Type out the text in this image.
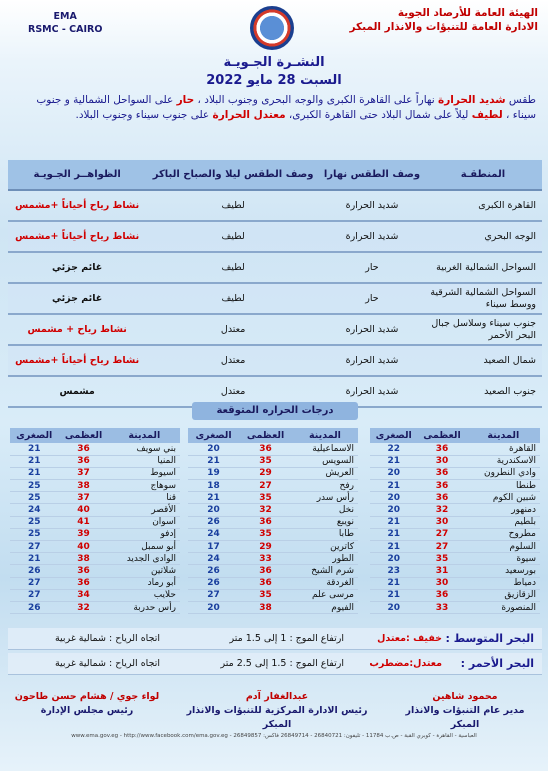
الهيئة العامة للأرصاد الجوية
الادارة العامة للتنبؤات والانذار المبكر
EMA
RSMC - CAIRO
النشـرة الجـويـة
السبت 28 مايو 2022
طقس شديد الحرارة نهاراً على القاهرة الكبرى والوجه البحرى وجنوب البلاد ، حار على السواحل الشمالية و جنوب سيناء ، لطيف ليلاً على شمال البلاد حتى القاهرة الكبرى، معتدل الحرارة على جنوب سيناء وجنوب البلاد.
المنطقـة	وصف الطقس نهارا	وصف الطقس ليلا والصباح الباكر	الظواهــر الجـويـة
القاهرة الكبرى	شديد الحرارة	لطيف	نشاط رياح أحياناً +مشمس
الوجه البحري	شديد الحرارة	لطيف	نشاط رياح أحياناً +مشمس
السواحل الشمالية الغربية	حار	لطيف	غائم جزئي
السواحل الشمالية الشرقية ووسط سيناء	حار	لطيف	غائم جزئي
جنوب سيناء وسلاسل جبال البحر الأحمر	شديد الحراره	معتدل	نشاط رياح + مشمس
شمال الصعيد	شديد الحرارة	معتدل	نشاط رياح أحياناً +مشمس
جنوب الصعيد	شديد الحرارة	معتدل	مشمس
درجات الحراره المتوقعة
المدينة	العظمى	الصغرى
القاهرة	36	22
الاسكندرية	30	21
وادي النطرون	36	20
طنطا	36	21
شبين الكوم	36	20
دمنهور	32	20
بلطيم	30	21
مطروح	27	21
السلوم	27	21
سيوة	35	20
بورسعيد	31	23
دمياط	30	21
الزقازيق	36	21
المنصورة	33	20
المدينة	العظمى	الصغرى
الاسماعيلية	36	20
السويس	35	21
العريش	29	19
رفح	27	18
رأس سدر	35	21
نخل	32	20
نويبع	36	26
طابا	35	24
كاترين	29	17
الطور	33	24
شرم الشيخ	36	26
الغردقة	36	26
مرسى علم	35	27
الفيوم	38	20
المدينة	العظمى	الصغرى
بني سويف	36	21
المنيا	36	21
اسيوط	37	21
سوهاج	38	25
قنا	37	25
الأقصر	40	24
اسوان	41	25
إدفو	39	25
أبو سمبل	40	27
الوادى الجديد	38	21
شلاتين	36	26
أبو رماد	36	27
حلايب	34	27
رأس حدربة	32	26
البحر المتوسط :
خفيف :
معتدل
ارتفاع الموج : 1 إلى 1.5 متر
اتجاه الرياح : شمالية غربية
البحر الأحمر :
معتدل:مضطرب
ارتفاع الموج : 1.5 إلى 2.5 متر
اتجاه الرياح : شمالية غربية
محمود شاهين
مدير عام التنبؤات والانذار المبكر
عبدالغفار آدم
رئيس الادارة المركزية للتنبؤات والانذار المبكر
لواء جوي / هشام حسن طاحون
رئيس مجلس الإدارة
العباسية - القاهرة - كوبري القبة - ص.ب 11784 - تليفون: 26840721 - 26849714 فاكس: 26849857 - www.ema.gov.eg - http://www.facebook.com/ema.gov.eg
